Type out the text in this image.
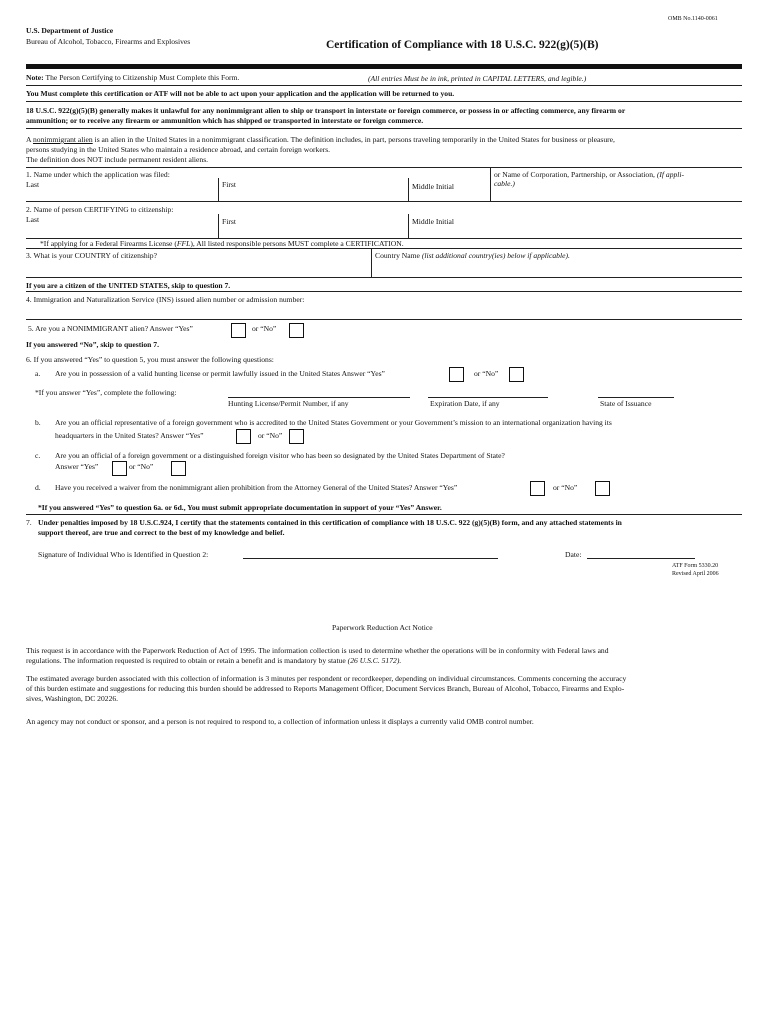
OMB No.1140-0061
U.S. Department of Justice
Bureau of Alcohol, Tobacco, Firearms and Explosives	Certification of Compliance with 18 U.S.C. 922(g)(5)(B)
Note: The Person Certifying to Citizenship Must Complete this Form.	(All entries Must be in ink, printed in CAPITAL LETTERS, and legible.)
You Must complete this certification or ATF will not be able to act upon your application and the application will be returned to you.
18 U.S.C. 922(g)(5)(B) generally makes it unlawful for any nonimmigrant alien to ship or transport in interstate or foreign commerce, or possess in or affecting commerce, any firearm or
ammunition; or to receive any firearm or ammunition which has shipped or transported in interstate or foreign commerce.
A nonimmigrant alien is an alien in the United States in a nonimmigrant classification. The definition includes, in part, persons traveling temporarily in the United States for business or pleasure,
persons studying in the United States who maintain a residence abroad, and certain foreign workers.
The definition does NOT include permanent resident aliens.
1. Name under which the application was filed:
Last	First	Middle Initial
or Name of Corporation, Partnership, or Association, (If appli-
cable.)
2. Name of person CERTIFYING to citizenship:
Last	First	Middle Initial
*If applying for a Federal Firearms License (FFL), All listed responsible persons MUST complete a CERTIFICATION.
3. What is your COUNTRY of citizenship?	Country Name (list additional country(ies) below if applicable).
If you are a citizen of the UNITED STATES, skip to question 7.
4. Immigration and Naturalization Service (INS) issued alien number or admission number:
5. Are you a NONIMMIGRANT alien? Answer “Yes”	or “No”
If you answered “No”, skip to question 7.
6. If you answered “Yes” to question 5, you must answer the following questions:
a. Are you in possession of a valid hunting license or permit lawfully issued in the United States Answer “Yes”	or “No”
*If you answer “Yes”, complete the following:
Hunting License/Permit Number, if any	Expiration Date, if any	State of Issuance
b. Are you an official representative of a foreign government who is accredited to the United States Government or your Government’s mission to an international organization having its
headquarters in the United States? Answer “Yes”	or “No”
c. Are you an official of a foreign government or a distinguished foreign visitor who has been so designated by the United States Department of State?
Answer “Yes”	or “No”
d. Have you received a waiver from the nonimmigrant alien prohibition from the Attorney General of the United States? Answer “Yes”	or “No”
*If you answered “Yes” to question 6a. or 6d., You must submit appropriate documentation in support of your “Yes” Answer.
7. Under penalties imposed by 18 U.S.C.924, I certify that the statements contained in this certification of compliance with 18 U.S.C. 922 (g)(5)(B) form, and any attached statements in
support thereof, are true and correct to the best of my knowledge and belief.
Signature of Individual Who is Identified in Question 2:	Date:
ATF Form 5330.20
Revised April 2006
Paperwork Reduction Act Notice
This request is in accordance with the Paperwork Reduction of Act of 1995. The information collection is used to determine whether the operations will be in conformity with Federal laws and
regulations. The information requested is required to obtain or retain a benefit and is mandatory by statue (26 U.S.C. 5172).
The estimated average burden associated with this collection of information is 3 minutes per respondent or recordkeeper, depending on individual circumstances. Comments concerning the accuracy
of this burden estimate and suggestions for reducing this burden should be addressed to Reports Management Officer, Document Services Branch, Bureau of Alcohol, Tobacco, Firearms and Explo-
sives, Washington, DC 20226.
An agency may not conduct or sponsor, and a person is not required to respond to, a collection of information unless it displays a currently valid OMB control number.
